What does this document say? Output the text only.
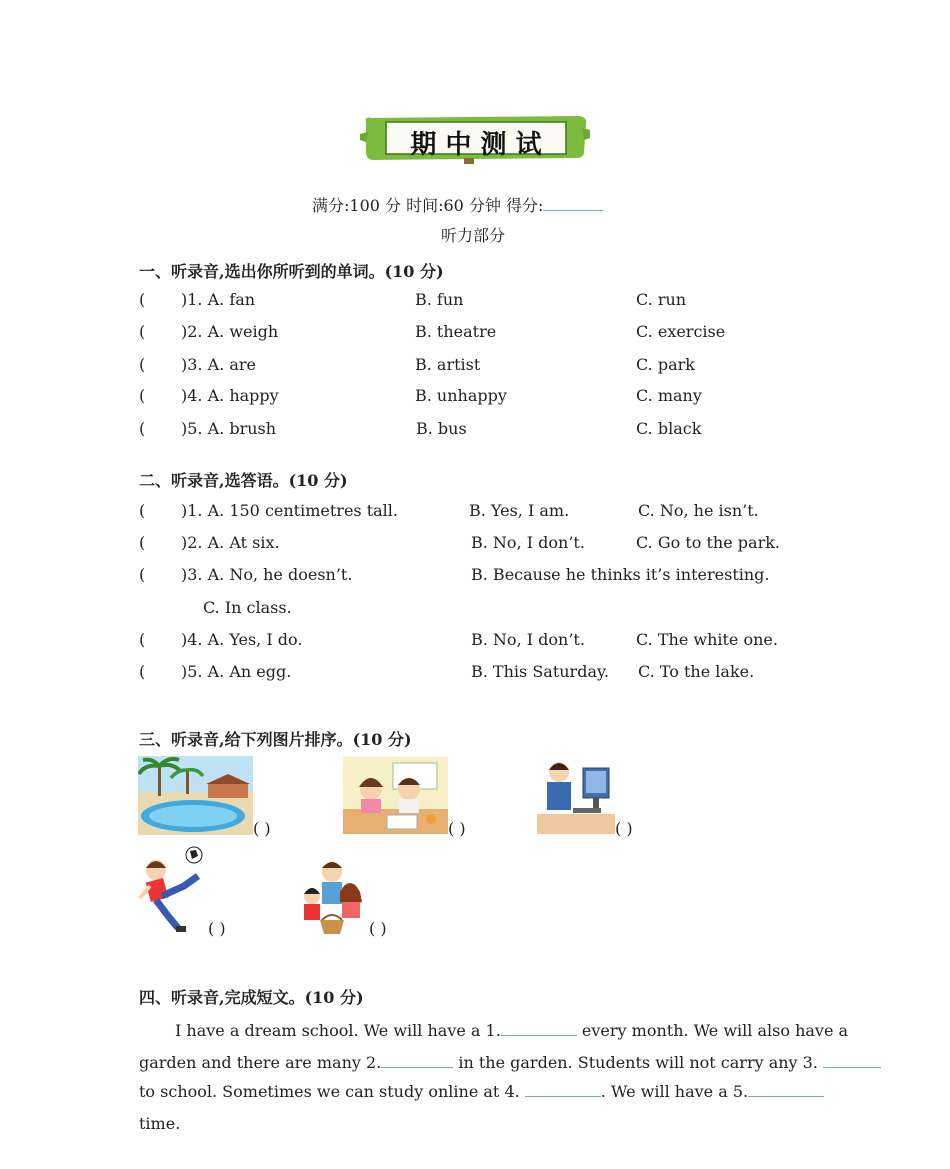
期 中 测 试
满分:100 分 时间:60 分钟 得分:
听力部分
一、听录音,选出你所听到的单词。(10 分)
( )1. A. fan	B. fun	C. run
( )2. A. weigh	B. theatre	C. exercise
( )3. A. are	B. artist	C. park
( )4. A. happy	B. unhappy	C. many
( )5. A. brush	B. bus	C. black
二、听录音,选答语。(10 分)
( )1. A. 150 centimetres tall.	B. Yes, I am.	C. No, he isn’t.
( )2. A. At six.	B. No, I don’t.	C. Go to the park.
( )3. A. No, he doesn’t.	B. Because he thinks it’s interesting.
C. In class.
( )4. A. Yes, I do.	B. No, I don’t.	C. The white one.
( )5. A. An egg.	B. This Saturday. C. To the lake.
三、听录音,给下列图片排序。(10 分)
( )	( )	( )
( )	( )
四、听录音,完成短文。(10 分)
I have a dream school. We will have a 1.	every month. We will also have a
garden and there are many 2.	in the garden. Students will not carry any 3.
to school. Sometimes we can study online at 4.	. We will have a 5.
time.
